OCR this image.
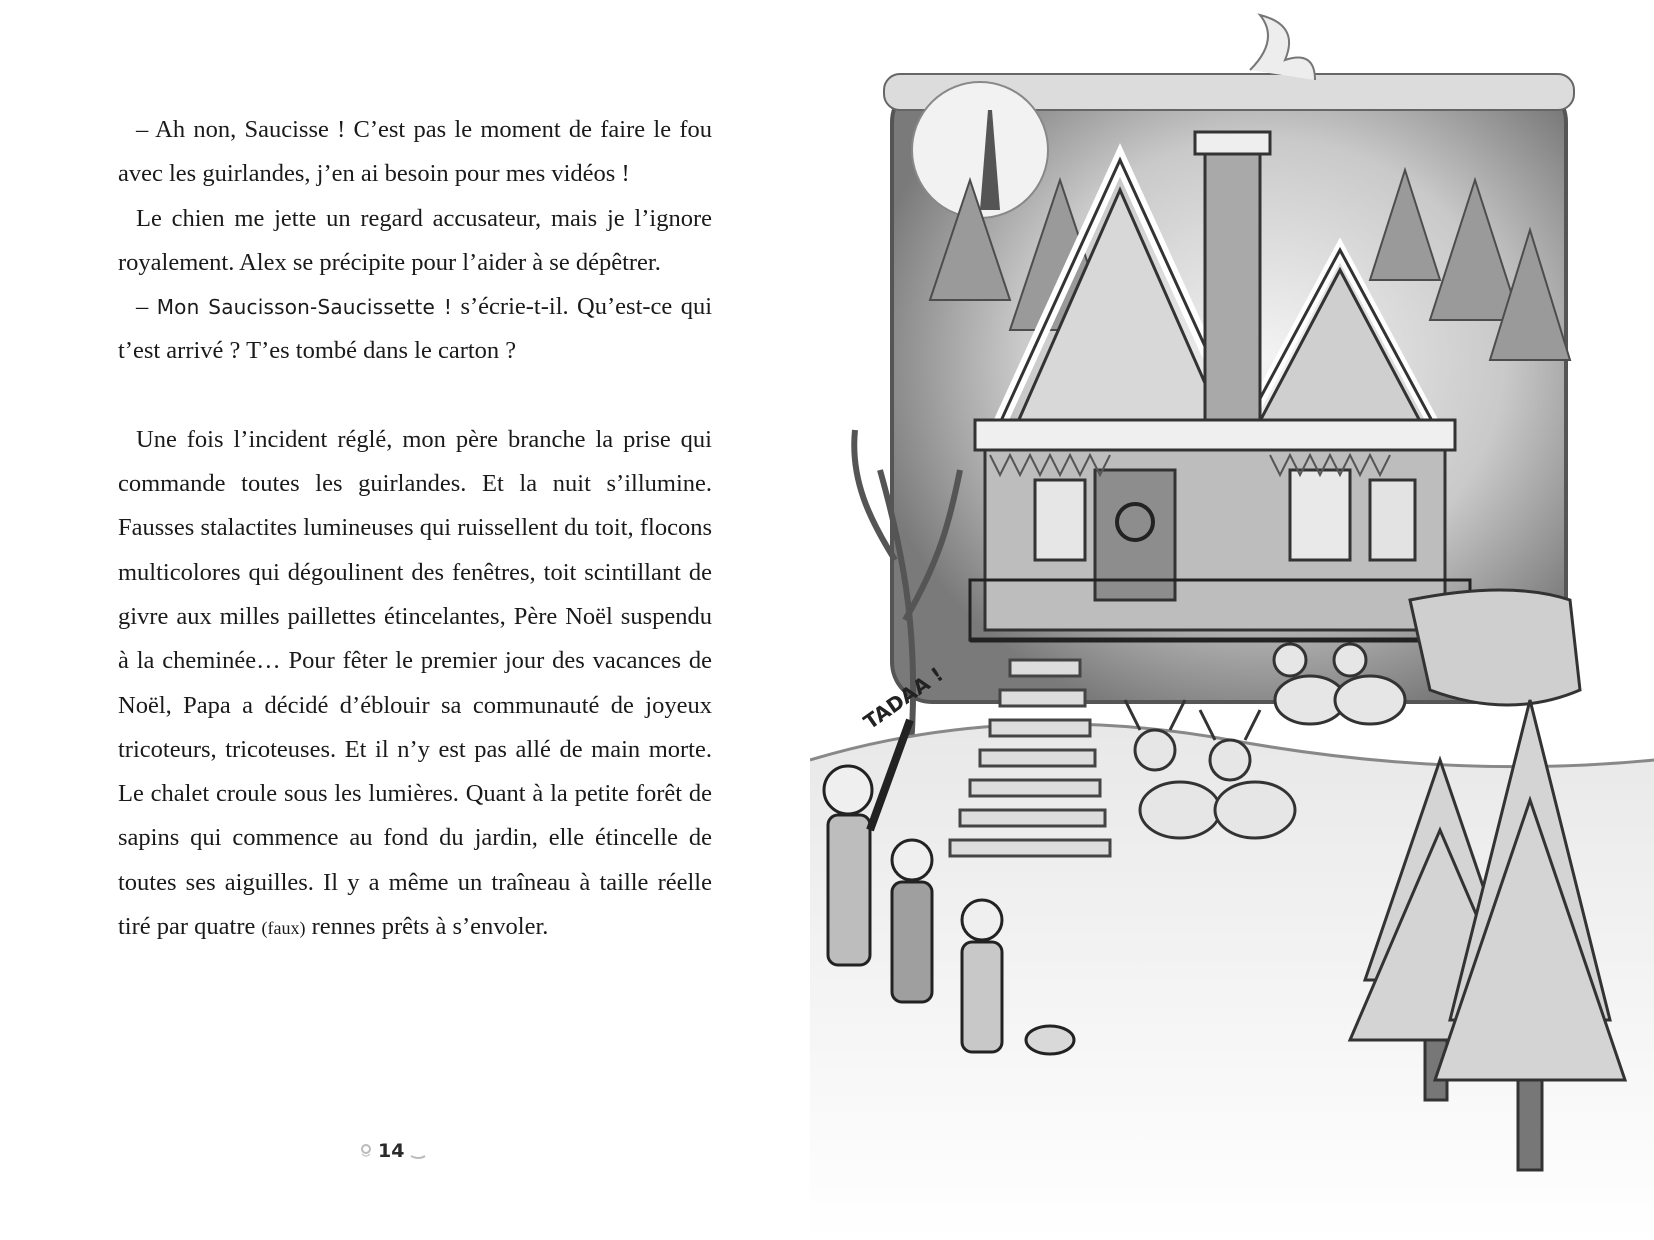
– Ah non, Saucisse ! C’est pas le moment de faire le fou avec les guirlandes, j’en ai besoin pour mes vidéos !

Le chien me jette un regard accusateur, mais je l’ignore royalement. Alex se précipite pour l’aider à se dépêtrer.

– Mon Saucisson-Saucissette ! s’écrie-t-il. Qu’est-ce qui t’est arrivé ? T’es tombé dans le carton ?

Une fois l’incident réglé, mon père branche la prise qui commande toutes les guirlandes. Et la nuit s’illumine. Fausses stalactites lumineuses qui ruissellent du toit, flocons multicolores qui dégoulinent des fenêtres, toit scintillant de givre aux milles paillettes étincelantes, Père Noël suspendu à la cheminée… Pour fêter le premier jour des vacances de Noël, Papa a décidé d’éblouir sa communauté de joyeux tricoteurs, tricoteuses. Et il n’y est pas allé de main morte. Le chalet croule sous les lumières. Quant à la petite forêt de sapins qui commence au fond du jardin, elle étincelle de toutes ses aiguilles. Il y a même un traîneau à taille réelle tiré par quatre (faux) rennes prêts à s’envoler.

14
TADAA !
